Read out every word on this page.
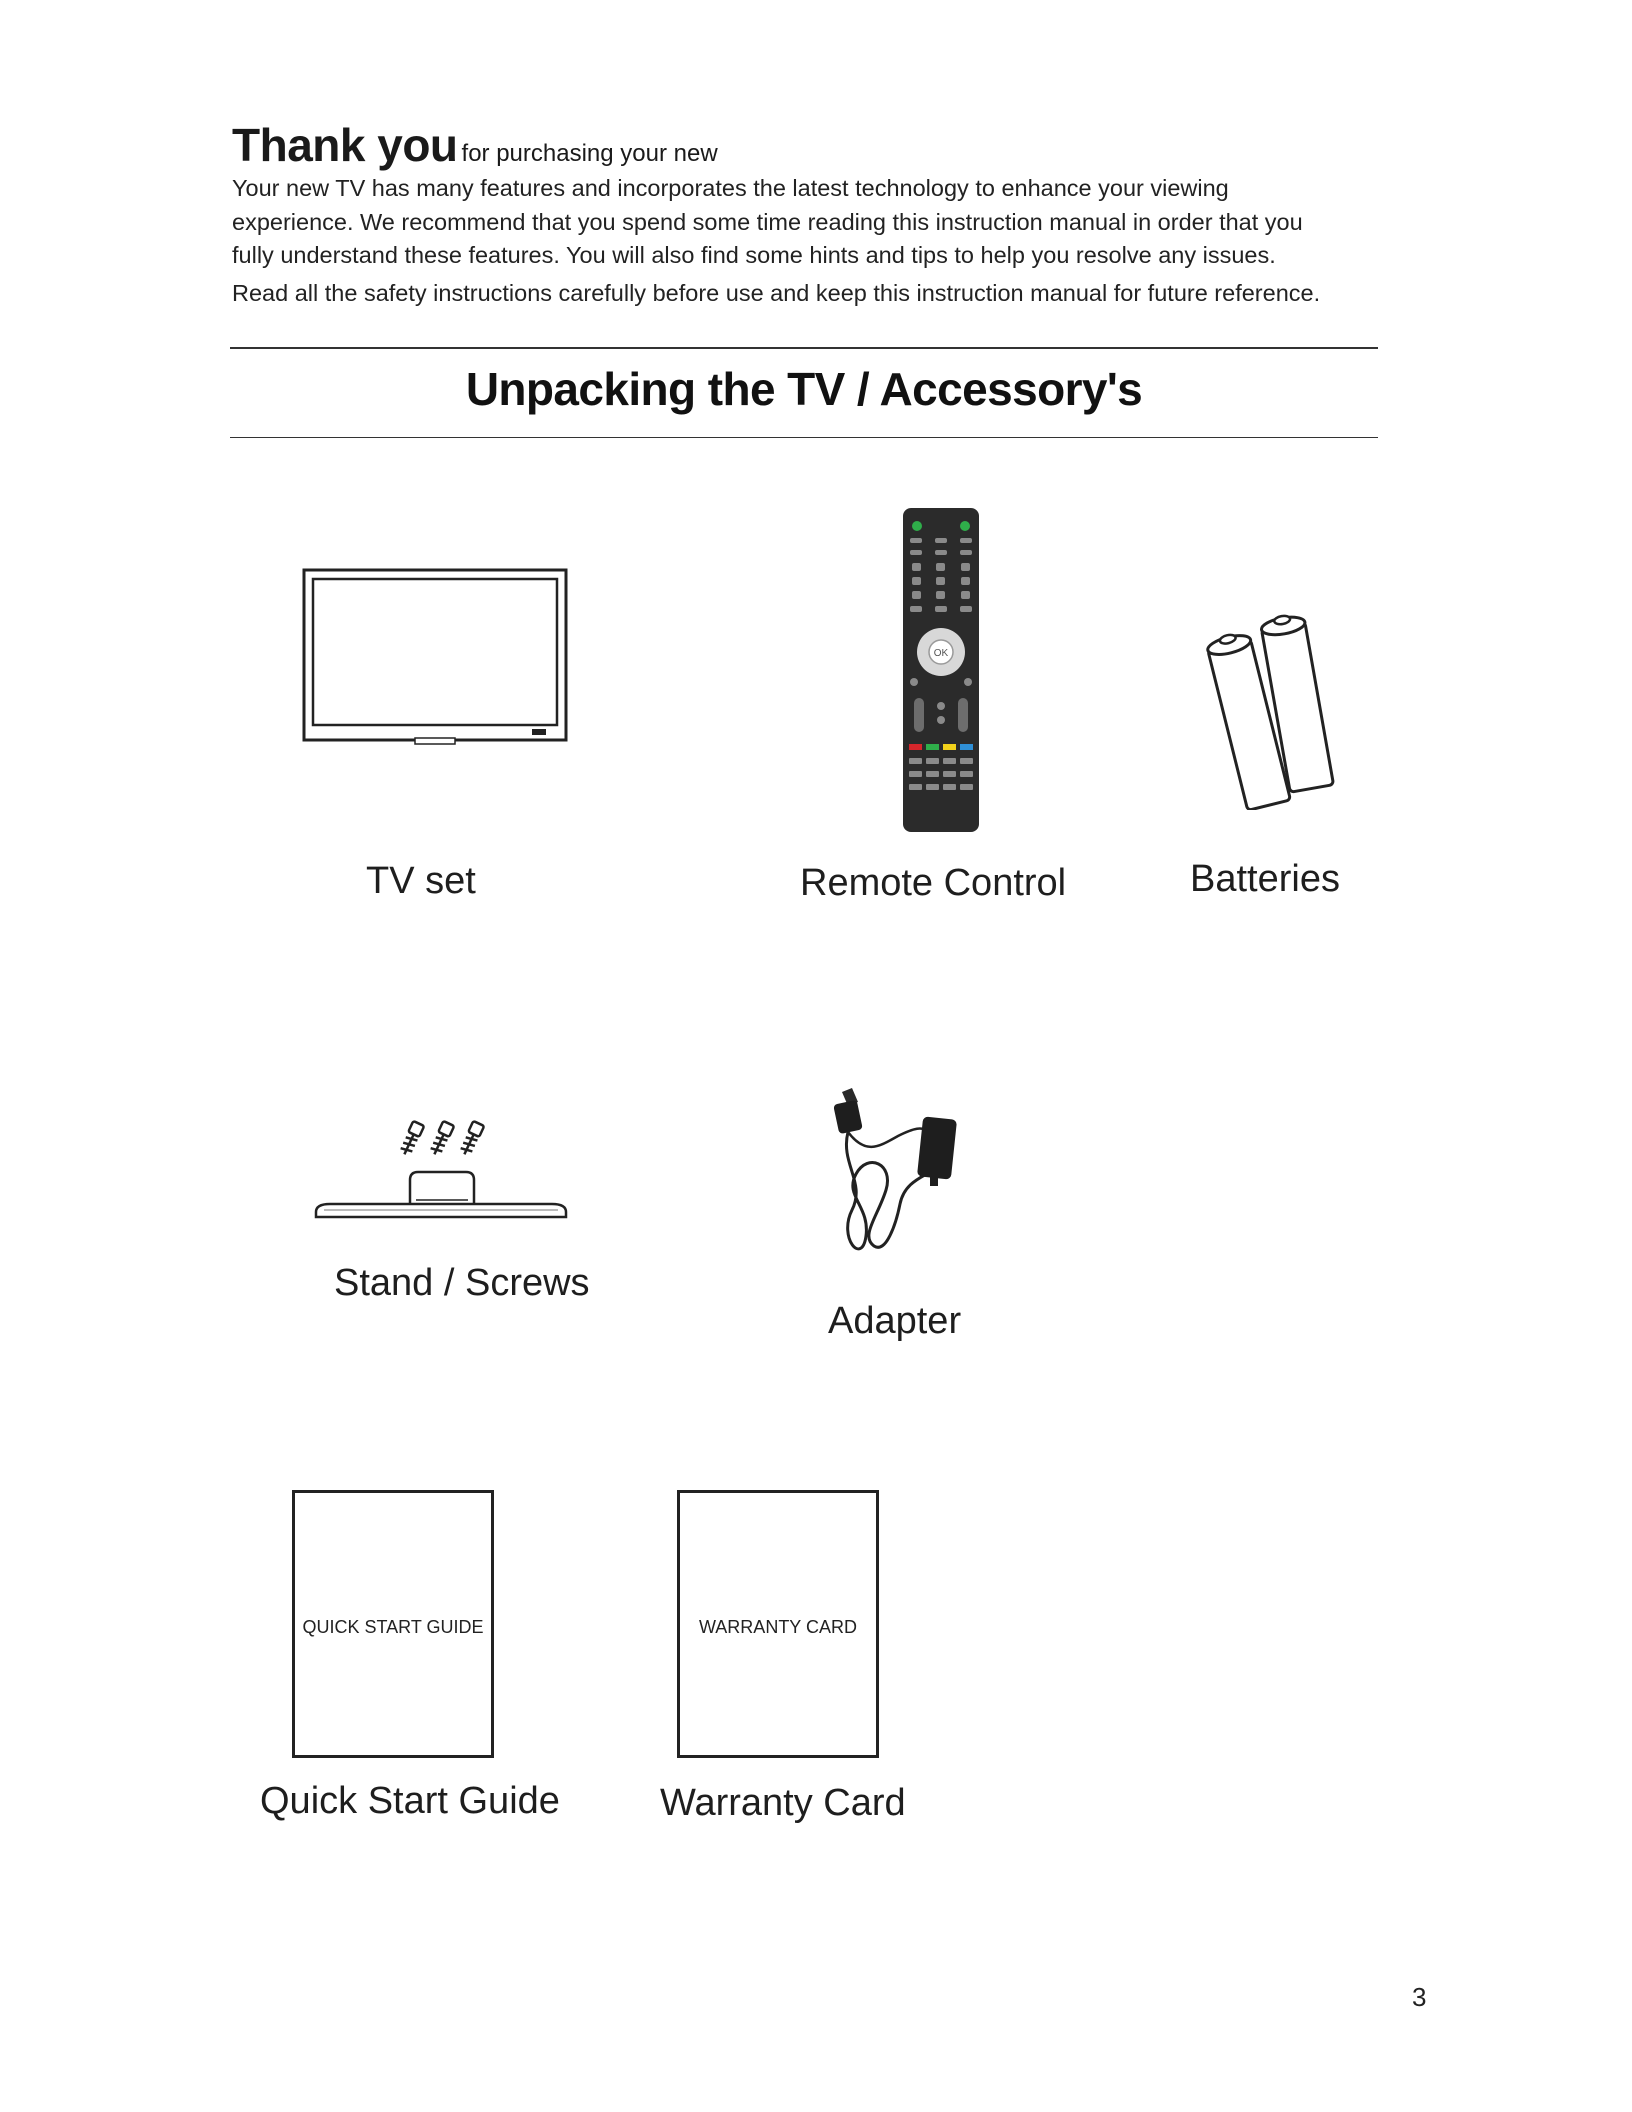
Thank you for purchasing your new

Your new TV has many features and incorporates the latest technology to enhance your viewing

experience. We recommend that you spend some time reading this instruction manual in order that you

fully understand these features. You will also find some hints and tips to help you resolve any issues.

Read all the safety instructions carefully before use and keep this instruction manual for future reference.

Unpacking the TV / Accessory's
TV set
OK
Remote Control	Batteries
Stand / Screws
Adapter
QUICK START GUIDE
Quick Start Guide
WARRANTY CARD
Warranty Card
3
